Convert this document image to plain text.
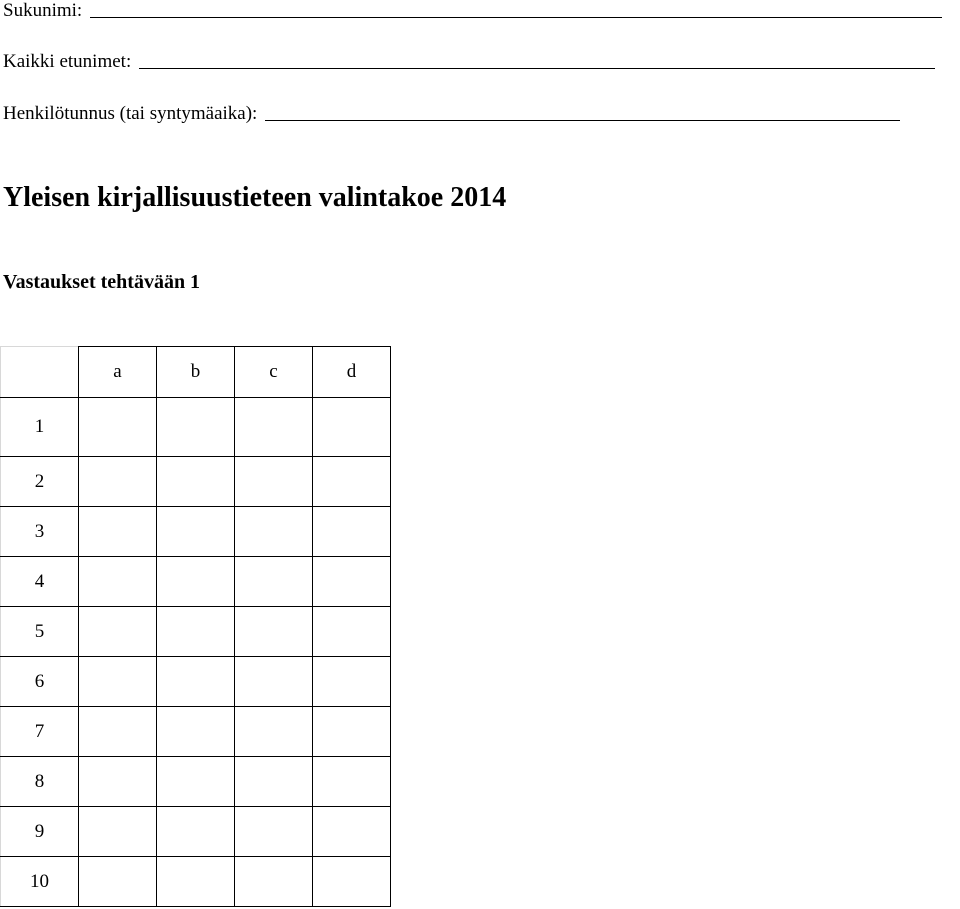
Sukunimi:
Kaikki etunimet:
Henkilötunnus (tai syntymäaika):
Yleisen kirjallisuustieteen valintakoe 2014
Vastaukset tehtävään 1
	a	b	c	d
1				
2				
3				
4				
5				
6				
7				
8				
9				
10				
